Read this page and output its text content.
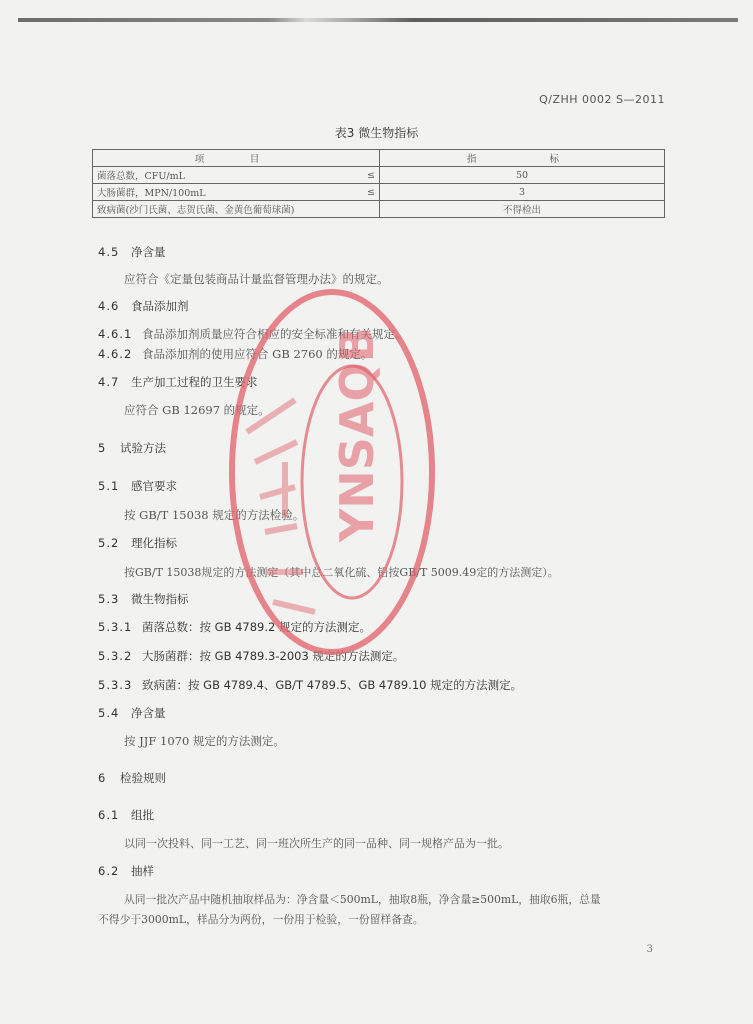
Q/ZHH 0002 S—2011
表3 微生物指标
项　目		指　　标
菌落总数，CFU/mL	≤	50
大肠菌群，MPN/100mL	≤	3
致病菌(沙门氏菌、志贺氏菌、金黄色葡萄球菌)		不得检出
4.5 净含量
应符合《定量包装商品计量监督管理办法》的规定。
4.6 食品添加剂
4.6.1 食品添加剂质量应符合相应的安全标准和有关规定。
4.6.2 食品添加剂的使用应符合 GB 2760 的规定。
4.7 生产加工过程的卫生要求
应符合 GB 12697 的规定。
5 试验方法
5.1 感官要求
按 GB/T 15038 规定的方法检验。
5.2 理化指标
按GB/T 15038规定的方法测定（其中总二氧化硫、铅按GB/T 5009.49定的方法测定）。
5.3 微生物指标
5.3.1 菌落总数：按 GB 4789.2 规定的方法测定。
5.3.2 大肠菌群：按 GB 4789.3-2003 规定的方法测定。
5.3.3 致病菌：按 GB 4789.4、GB/T 4789.5、GB 4789.10 规定的方法测定。
5.4 净含量
按 JJF 1070 规定的方法测定。
6 检验规则
6.1 组批
以同一次投料、同一工艺、同一班次所生产的同一品种、同一规格产品为一批。
6.2 抽样
从同一批次产品中随机抽取样品为：净含量＜500mL，抽取8瓶，净含量≥500mL，抽取6瓶，总量
不得少于3000mL，样品分为两份，一份用于检验，一份留样备查。
3
YNSAQB
